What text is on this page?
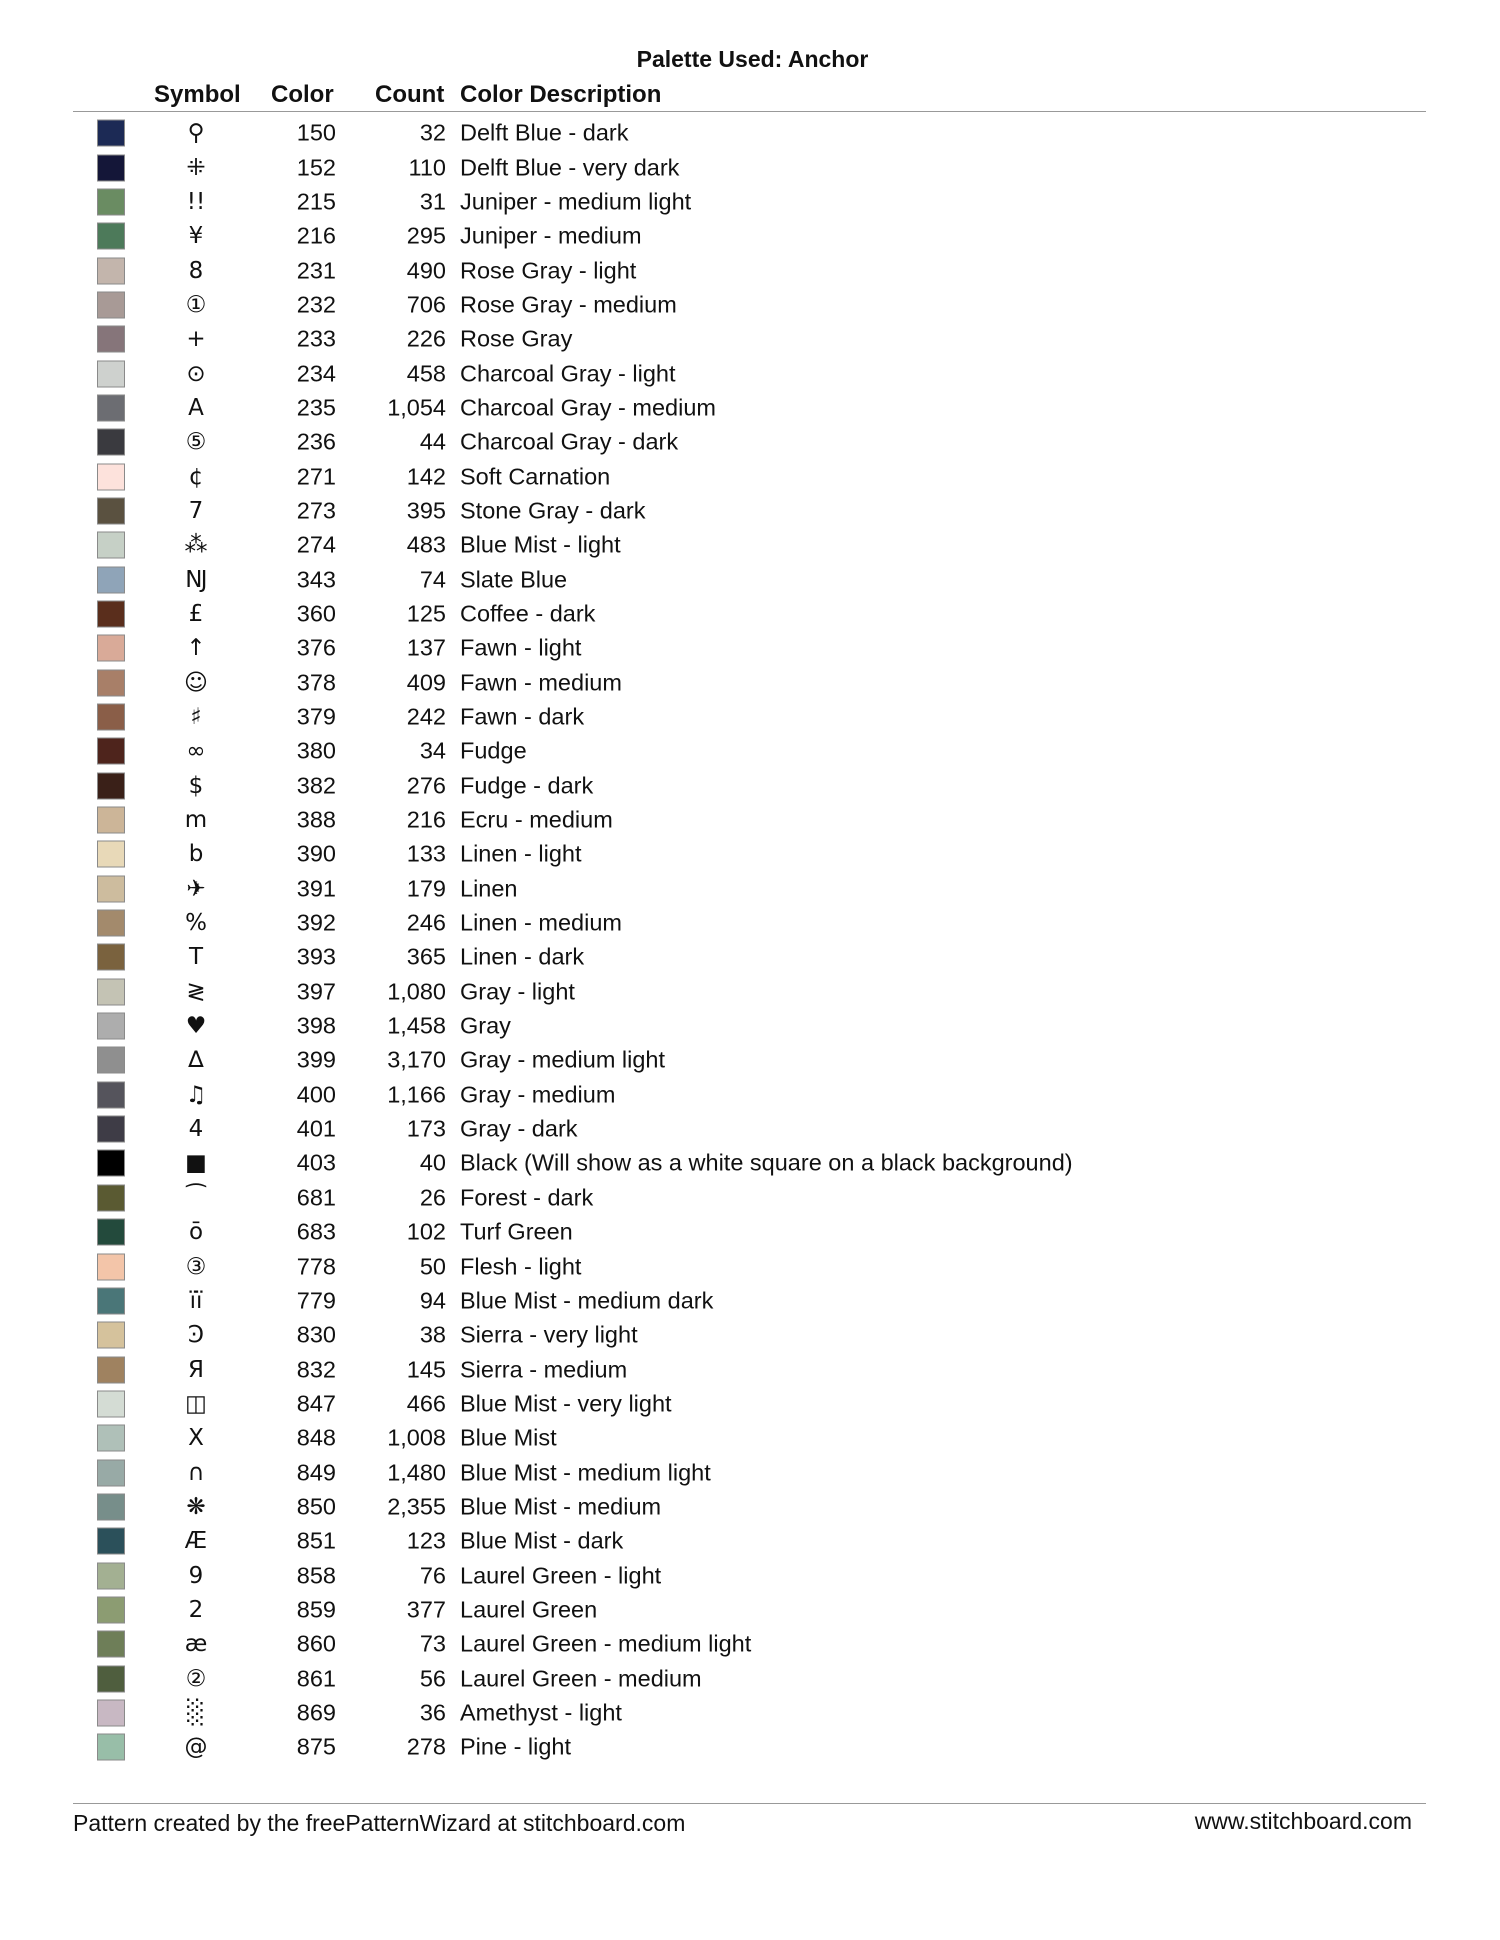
Palette Used: Anchor
Symbol Color Count Color Description
⚲	150	32 Delft Blue - dark
⁜	152	110 Delft Blue - very dark
!!	215	31 Juniper - medium light
¥	216	295 Juniper - medium
8	231	490 Rose Gray - light
①	232	706 Rose Gray - medium
+	233	226 Rose Gray
⊙	234	458 Charcoal Gray - light
A	235	1,054 Charcoal Gray - medium
⑤	236	44 Charcoal Gray - dark
¢	271	142 Soft Carnation
7	273	395 Stone Gray - dark
⁂	274	483 Blue Mist - light
Ǌ	343	74 Slate Blue
£	360	125 Coffee - dark
↑	376	137 Fawn - light
☺	378	409 Fawn - medium
♯	379	242 Fawn - dark
∞	380	34 Fudge
$	382	276 Fudge - dark
m	388	216 Ecru - medium
b	390	133 Linen - light
✈	391	179 Linen
%	392	246 Linen - medium
T	393	365 Linen - dark
≷	397	1,080 Gray - light
♥	398	1,458 Gray
∆	399	3,170 Gray - medium light
♫	400	1,166 Gray - medium
4	401	173 Gray - dark
■	403	40 Black (Will show as a white square on a black background)
⁀	681	26 Forest - dark
ō	683	102 Turf Green
③	778	50 Flesh - light
ïï	779	94 Blue Mist - medium dark
Ͽ	830	38 Sierra - very light
Я	832	145 Sierra - medium
◫	847	466 Blue Mist - very light
X	848	1,008 Blue Mist
∩	849	1,480 Blue Mist - medium light
❋	850	2,355 Blue Mist - medium
Æ	851	123 Blue Mist - dark
9	858	76 Laurel Green - light
2	859	377 Laurel Green
æ	860	73 Laurel Green - medium light
②	861	56 Laurel Green - medium
░	869	36 Amethyst - light
@	875	278 Pine - light
Pattern created by the freePatternWizard at stitchboard.com	www.stitchboard.com
